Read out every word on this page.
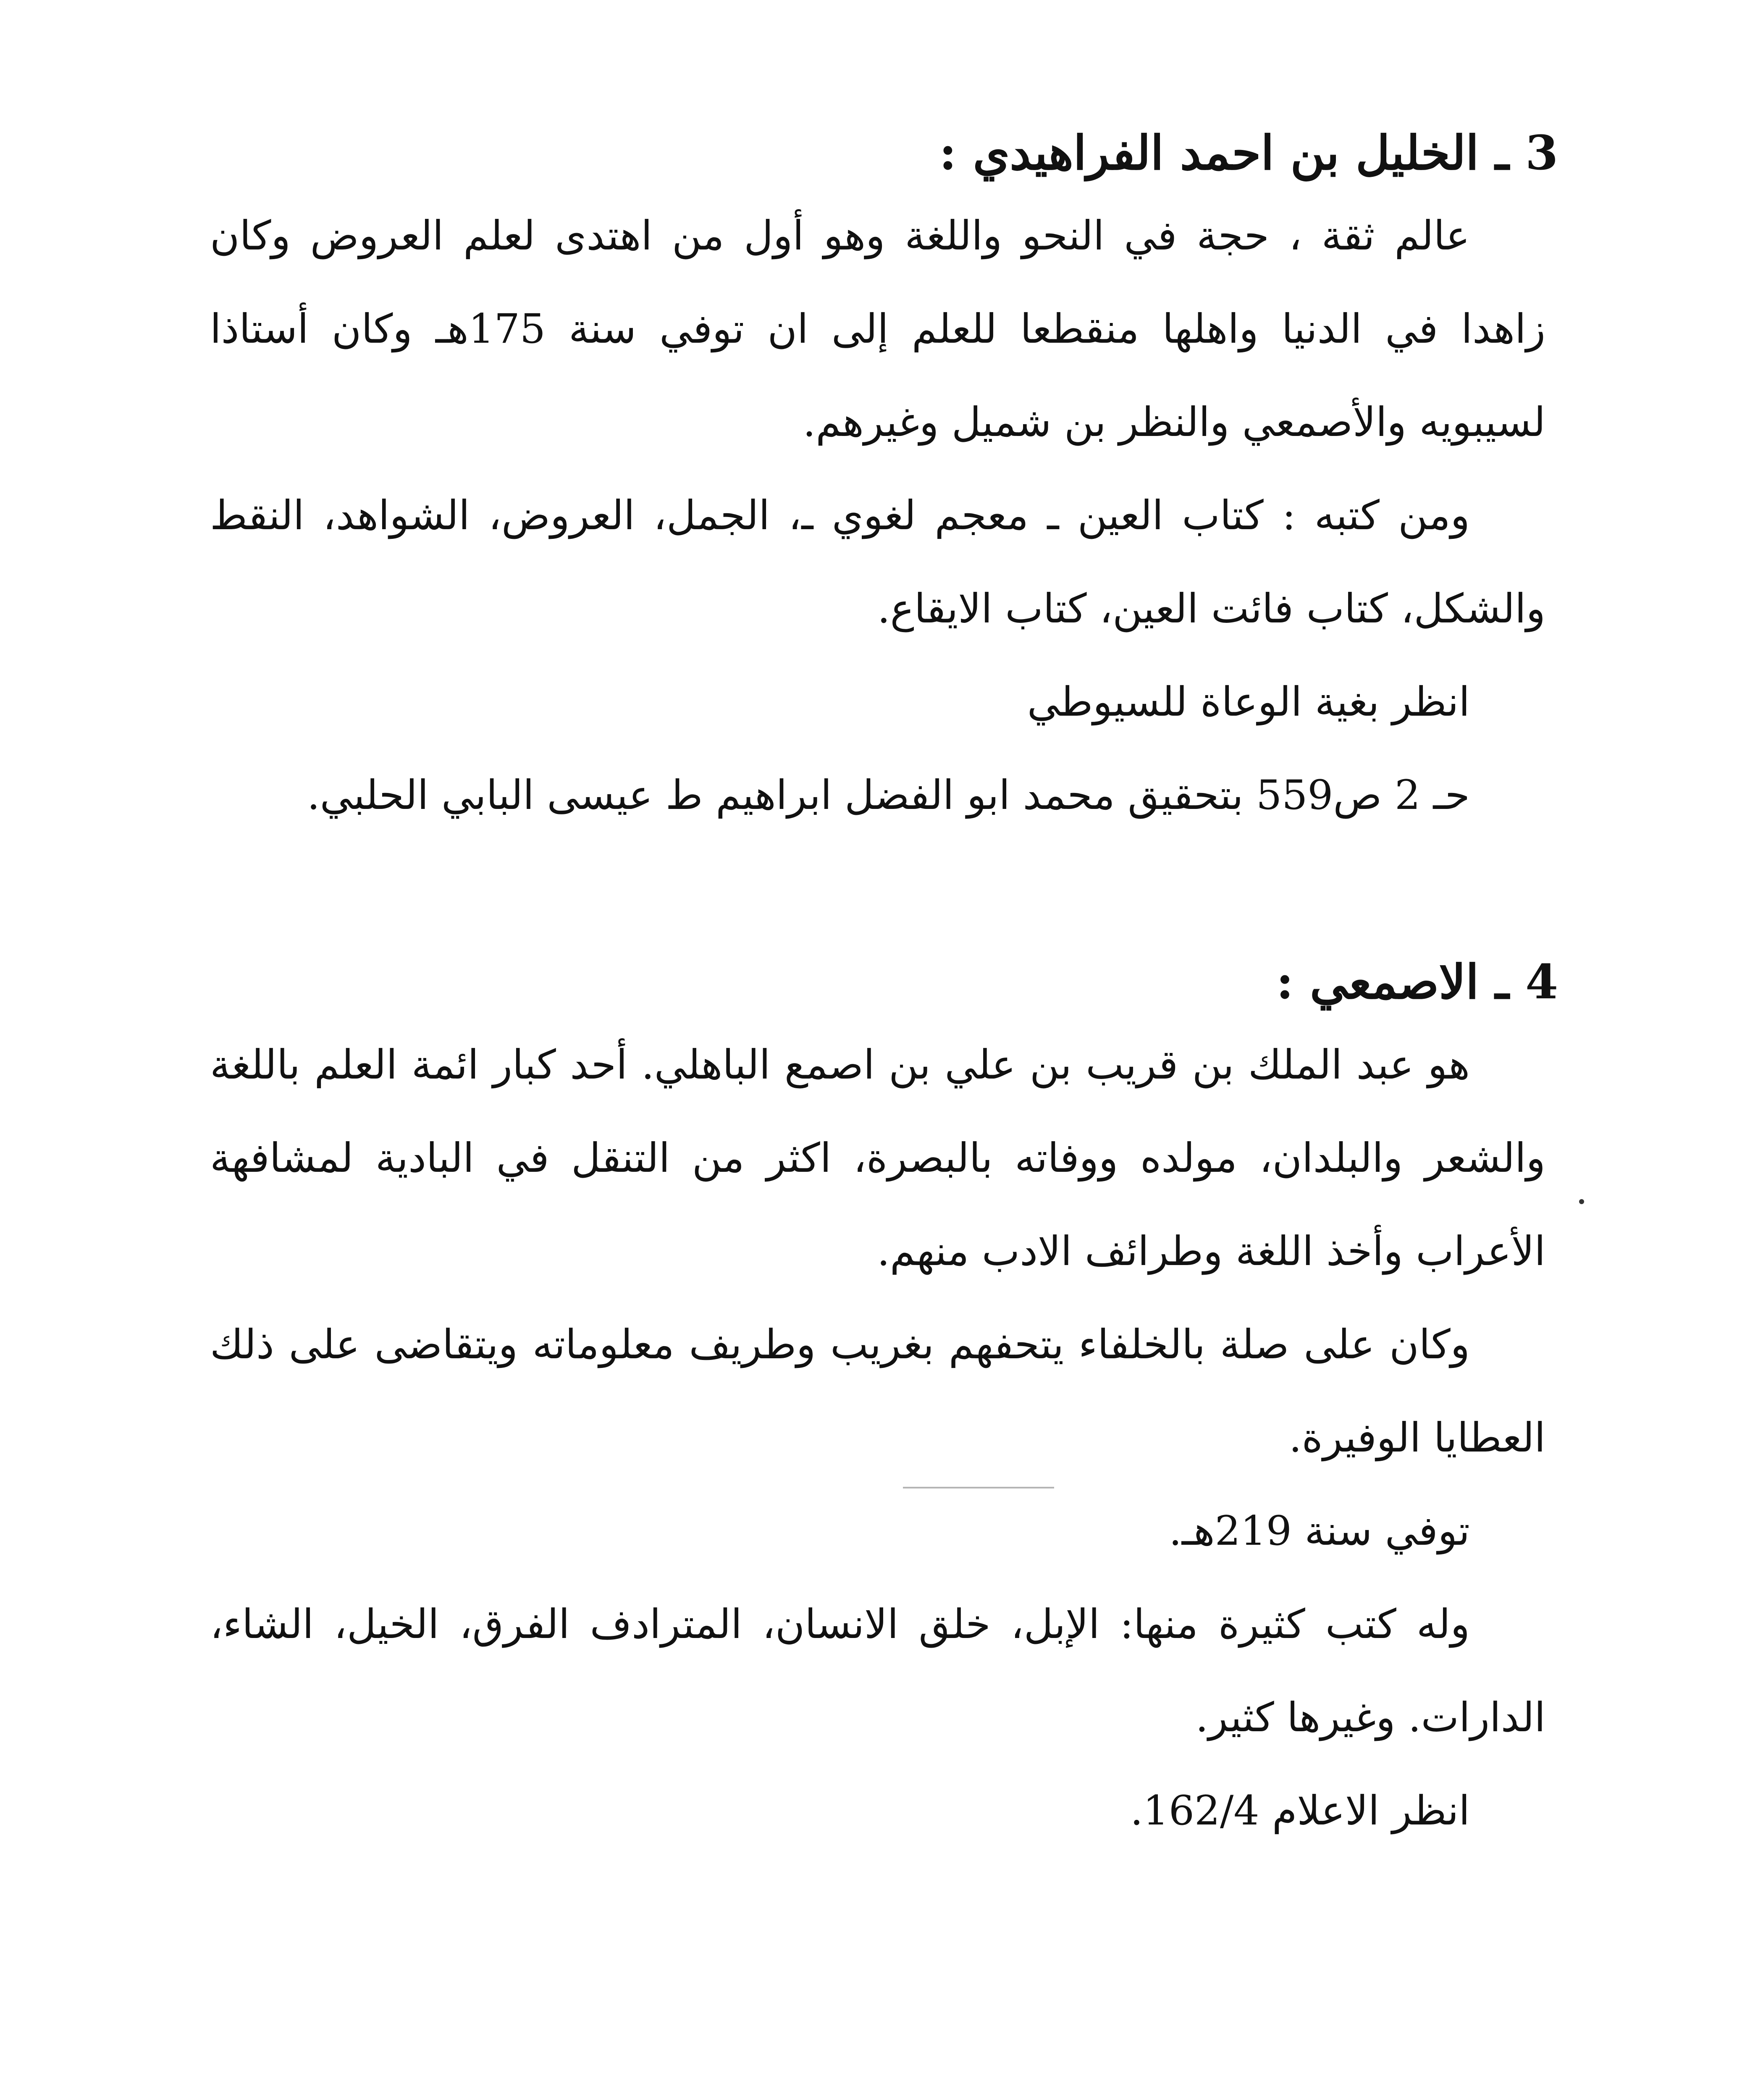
3 ـ الخليل بن احمد الفراهيدي :

عالم ثقة ، حجة في النحو واللغة وهو أول من اهتدى لعلم العروض وكان زاهدا في الدنيا واهلها منقطعا للعلم إلى ان توفي سنة 175هـ وكان أستاذا لسيبويه والأصمعي والنظر بن شميل وغيرهم.

ومن كتبه : كتاب العين ـ معجم لغوي ـ، الجمل، العروض، الشواهد، النقط والشكل، كتاب فائت العين، كتاب الايقاع.

انظر بغية الوعاة للسيوطي

حـ 2 ص559 بتحقيق محمد ابو الفضل ابراهيم ط عيسى البابي الحلبي.

4 ـ الاصمعي :

هو عبد الملك بن قريب بن علي بن اصمع الباهلي. أحد كبار ائمة العلم باللغة والشعر والبلدان، مولده ووفاته بالبصرة، اكثر من التنقل في البادية لمشافهة الأعراب وأخذ اللغة وطرائف الادب منهم.

وكان على صلة بالخلفاء يتحفهم بغريب وطريف معلوماته ويتقاضى على ذلك العطايا الوفيرة.

توفي سنة 219هـ.

وله كتب كثيرة منها: الإبل، خلق الانسان، المترادف الفرق، الخيل، الشاء، الدارات. وغيرها كثير.

انظر الاعلام 162/4.
